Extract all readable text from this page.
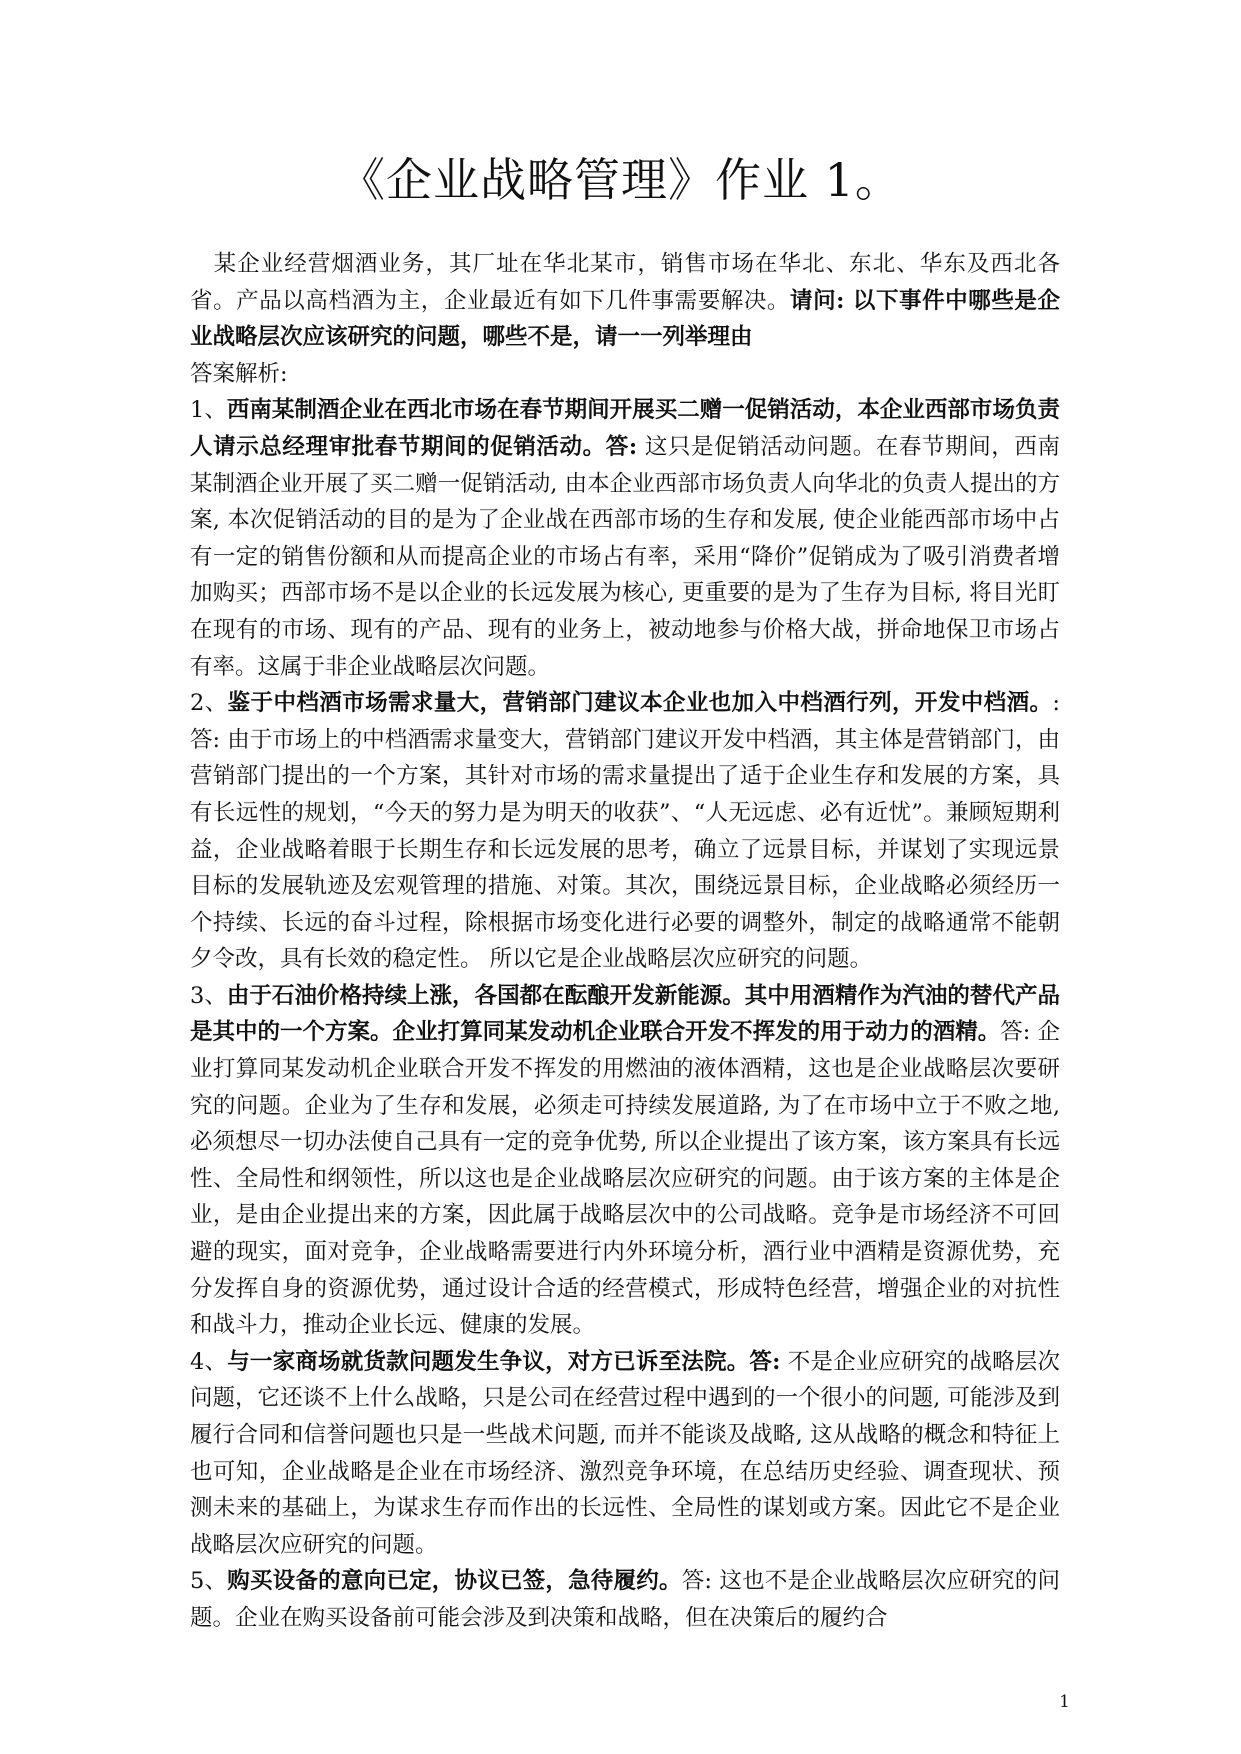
《企业战略管理》作业 1。

某企业经营烟酒业务，其厂址在华北某市，销售市场在华北、东北、华东及西北各省。产品以高档酒为主，企业最近有如下几件事需要解决。请问: 以下事件中哪些是企业战略层次应该研究的问题，哪些不是，请一一列举理由

答案解析:

1、西南某制酒企业在西北市场在春节期间开展买二赠一促销活动，本企业西部市场负责人请示总经理审批春节期间的促销活动。答: 这只是促销活动问题。在春节期间，西南某制酒企业开展了买二赠一促销活动, 由本企业西部市场负责人向华北的负责人提出的方案, 本次促销活动的目的是为了企业战在西部市场的生存和发展, 使企业能西部市场中占有一定的销售份额和从而提高企业的市场占有率，采用“降价”促销成为了吸引消费者增加购买；西部市场不是以企业的长远发展为核心, 更重要的是为了生存为目标, 将目光盯在现有的市场、现有的产品、现有的业务上，被动地参与价格大战，拼命地保卫市场占有率。这属于非企业战略层次问题。

2、鉴于中档酒市场需求量大，营销部门建议本企业也加入中档酒行列，开发中档酒。: 答: 由于市场上的中档酒需求量变大，营销部门建议开发中档酒，其主体是营销部门，由营销部门提出的一个方案，其针对市场的需求量提出了适于企业生存和发展的方案，具有长远性的规划，“今天的努力是为明天的收获”、“人无远虑、必有近忧”。兼顾短期利益，企业战略着眼于长期生存和长远发展的思考，确立了远景目标，并谋划了实现远景目标的发展轨迹及宏观管理的措施、对策。其次，围绕远景目标，企业战略必须经历一个持续、长远的奋斗过程，除根据市场变化进行必要的调整外，制定的战略通常不能朝夕令改，具有长效的稳定性。 所以它是企业战略层次应研究的问题。

3、由于石油价格持续上涨，各国都在酝酿开发新能源。其中用酒精作为汽油的替代产品是其中的一个方案。企业打算同某发动机企业联合开发不挥发的用于动力的酒精。答: 企业打算同某发动机企业联合开发不挥发的用燃油的液体酒精，这也是企业战略层次要研究的问题。企业为了生存和发展，必须走可持续发展道路, 为了在市场中立于不败之地, 必须想尽一切办法使自己具有一定的竞争优势, 所以企业提出了该方案，该方案具有长远性、全局性和纲领性，所以这也是企业战略层次应研究的问题。由于该方案的主体是企业，是由企业提出来的方案，因此属于战略层次中的公司战略。竞争是市场经济不可回避的现实，面对竞争，企业战略需要进行内外环境分析，酒行业中酒精是资源优势，充分发挥自身的资源优势，通过设计合适的经营模式，形成特色经营，增强企业的对抗性和战斗力，推动企业长远、健康的发展。

4、与一家商场就货款问题发生争议，对方已诉至法院。答: 不是企业应研究的战略层次问题，它还谈不上什么战略，只是公司在经营过程中遇到的一个很小的问题, 可能涉及到履行合同和信誉问题也只是一些战术问题, 而并不能谈及战略, 这从战略的概念和特征上也可知，企业战略是企业在市场经济、激烈竞争环境，在总结历史经验、调查现状、预测未来的基础上，为谋求生存而作出的长远性、全局性的谋划或方案。因此它不是企业战略层次应研究的问题。

5、购买设备的意向已定，协议已签，急待履约。答: 这也不是企业战略层次应研究的问题。企业在购买设备前可能会涉及到决策和战略，但在决策后的履约合

1
